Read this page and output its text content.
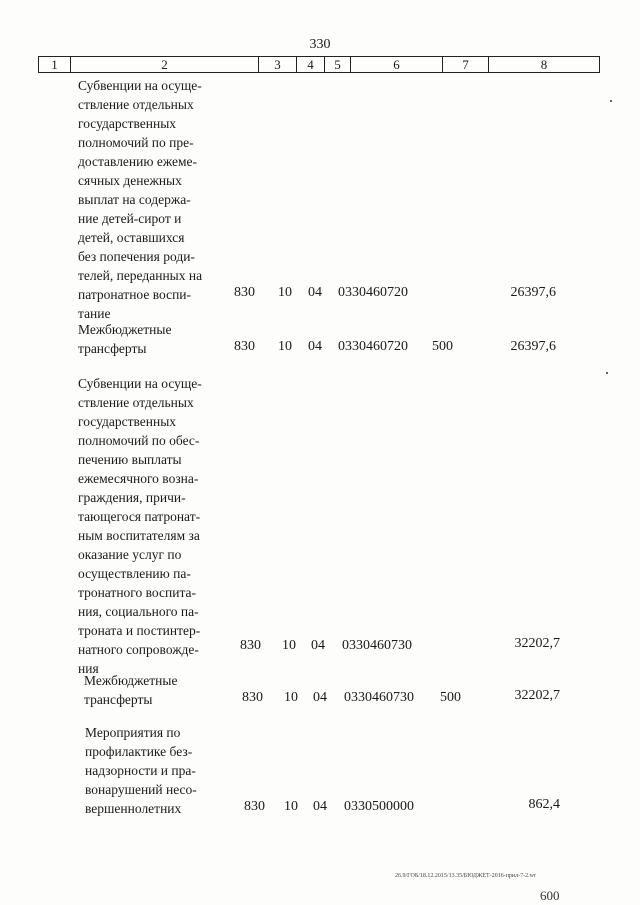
330
1	2	3	4	5	6	7	8

Субвенции на осуще-
ствление отдельных
государственных
полномочий по пре-
доставлению ежеме-
сячных денежных
выплат на содержа-
ние детей-сирот и
детей, оставшихся
без попечения роди-
телей, переданных на
патронатное воспи-
тание

830 10 04 0330460720	26397,6

Межбюджетные
трансферты	830 10 04 0330460720 500	26397,6

Субвенции на осуще-
ствление отдельных
государственных
полномочий по обес-
печению выплаты
ежемесячного возна-
граждения, причи-
тающегося патронат-
ным воспитателям за
оказание услуг по
осуществлению па-
тронатного воспита-
ния, социального па-
троната и постинтер-
натного сопровожде-
ния

830 10 04 0330460730	32202,7

Межбюджетные
трансферты	830 10 04 0330460730 500	32202,7

Мероприятия по
профилактике без-
надзорности и пра-
вонарушений несо-
вершеннолетних	830 10 04 0330500000	862,4
26.9/ГОБ/18.12.2015/13.35/БЮДЖЕТ-2016-прил-7-2.wr
600
